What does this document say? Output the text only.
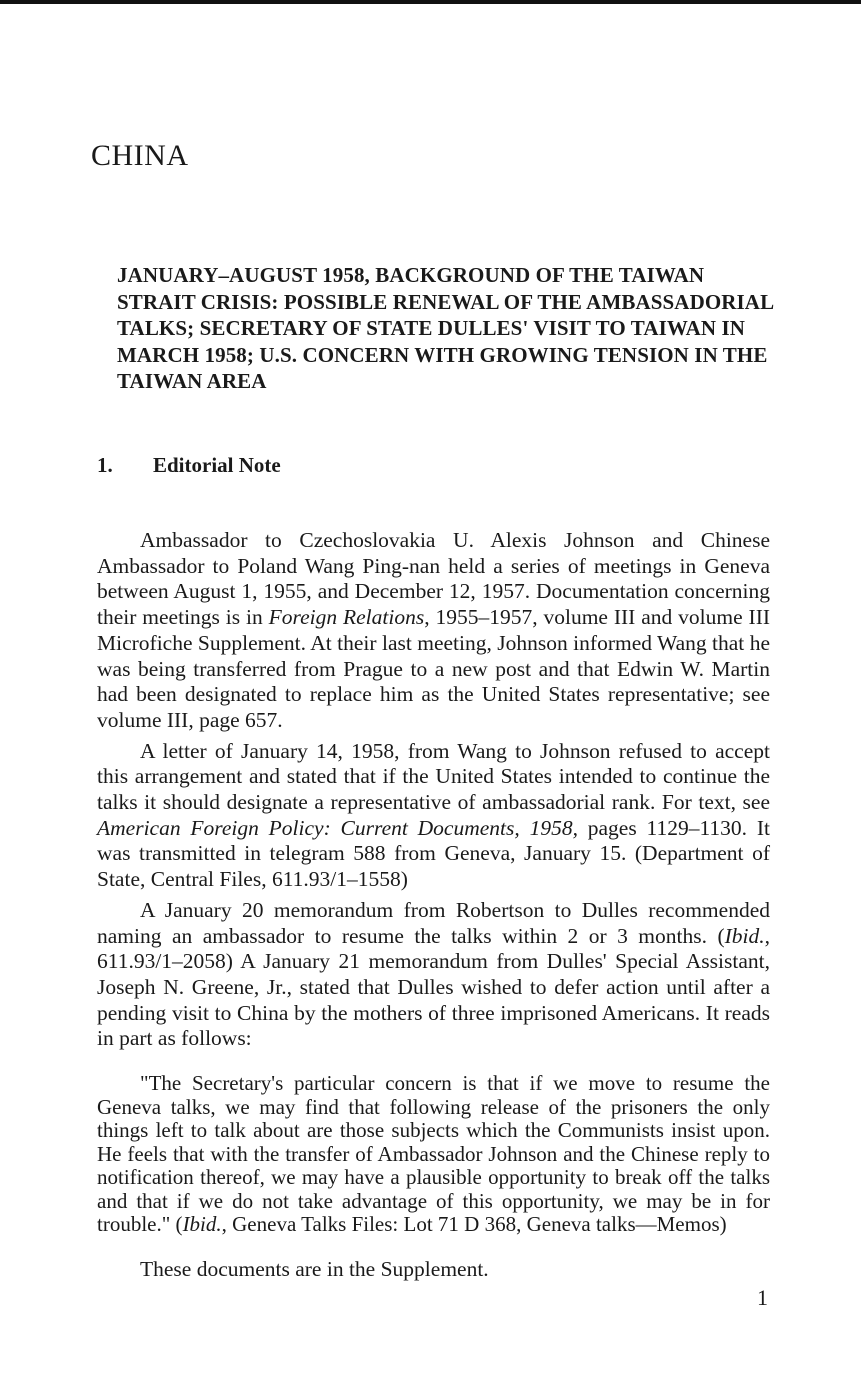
CHINA
JANUARY–AUGUST 1958, BACKGROUND OF THE TAIWAN STRAIT CRISIS: POSSIBLE RENEWAL OF THE AMBASSADORIAL TALKS; SECRETARY OF STATE DULLES' VISIT TO TAIWAN IN MARCH 1958; U.S. CONCERN WITH GROWING TENSION IN THE TAIWAN AREA
1. Editorial Note

Ambassador to Czechoslovakia U. Alexis Johnson and Chinese Ambassador to Poland Wang Ping-nan held a series of meetings in Geneva between August 1, 1955, and December 12, 1957. Documentation concerning their meetings is in Foreign Relations, 1955–1957, volume III and volume III Microfiche Supplement. At their last meeting, Johnson informed Wang that he was being transferred from Prague to a new post and that Edwin W. Martin had been designated to replace him as the United States representative; see volume III, page 657.

A letter of January 14, 1958, from Wang to Johnson refused to accept this arrangement and stated that if the United States intended to continue the talks it should designate a representative of ambassadorial rank. For text, see American Foreign Policy: Current Documents, 1958, pages 1129–1130. It was transmitted in telegram 588 from Geneva, January 15. (Department of State, Central Files, 611.93/1–1558)

A January 20 memorandum from Robertson to Dulles recommended naming an ambassador to resume the talks within 2 or 3 months. (Ibid., 611.93/1–2058) A January 21 memorandum from Dulles' Special Assistant, Joseph N. Greene, Jr., stated that Dulles wished to defer action until after a pending visit to China by the mothers of three imprisoned Americans. It reads in part as follows:

"The Secretary's particular concern is that if we move to resume the Geneva talks, we may find that following release of the prisoners the only things left to talk about are those subjects which the Communists insist upon. He feels that with the transfer of Ambassador Johnson and the Chinese reply to notification thereof, we may have a plausible opportunity to break off the talks and that if we do not take advantage of this opportunity, we may be in for trouble." (Ibid., Geneva Talks Files: Lot 71 D 368, Geneva talks—Memos)

These documents are in the Supplement.

1
